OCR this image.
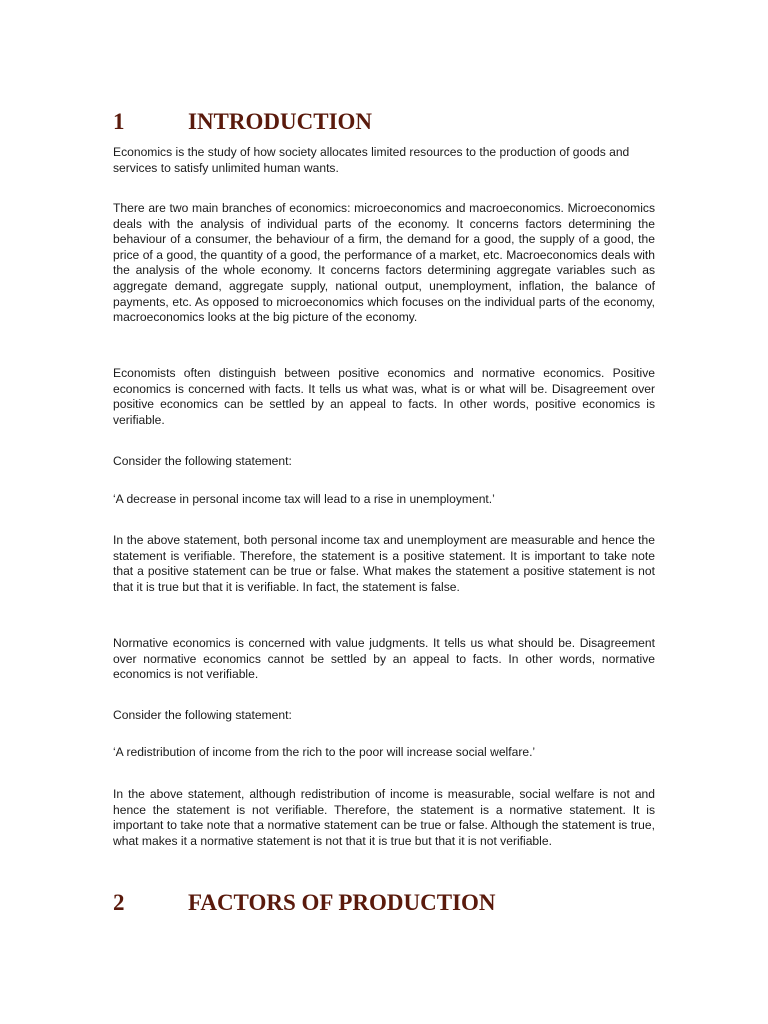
1	INTRODUCTION

Economics is the study of how society allocates limited resources to the production of goods and services to satisfy unlimited human wants.

There are two main branches of economics: microeconomics and macroeconomics. Microeconomics deals with the analysis of individual parts of the economy. It concerns factors determining the behaviour of a consumer, the behaviour of a firm, the demand for a good, the supply of a good, the price of a good, the quantity of a good, the performance of a market, etc. Macroeconomics deals with the analysis of the whole economy. It concerns factors determining aggregate variables such as aggregate demand, aggregate supply, national output, unemployment, inflation, the balance of payments, etc. As opposed to microeconomics which focuses on the individual parts of the economy, macroeconomics looks at the big picture of the economy.

Economists often distinguish between positive economics and normative economics. Positive economics is concerned with facts. It tells us what was, what is or what will be. Disagreement over positive economics can be settled by an appeal to facts. In other words, positive economics is verifiable.

Consider the following statement:

‘A decrease in personal income tax will lead to a rise in unemployment.’

In the above statement, both personal income tax and unemployment are measurable and hence the statement is verifiable. Therefore, the statement is a positive statement. It is important to take note that a positive statement can be true or false. What makes the statement a positive statement is not that it is true but that it is verifiable. In fact, the statement is false.

Normative economics is concerned with value judgments. It tells us what should be. Disagreement over normative economics cannot be settled by an appeal to facts. In other words, normative economics is not verifiable.

Consider the following statement:

‘A redistribution of income from the rich to the poor will increase social welfare.’

In the above statement, although redistribution of income is measurable, social welfare is not and hence the statement is not verifiable. Therefore, the statement is a normative statement. It is important to take note that a normative statement can be true or false. Although the statement is true, what makes it a normative statement is not that it is true but that it is not verifiable.

2	FACTORS OF PRODUCTION
